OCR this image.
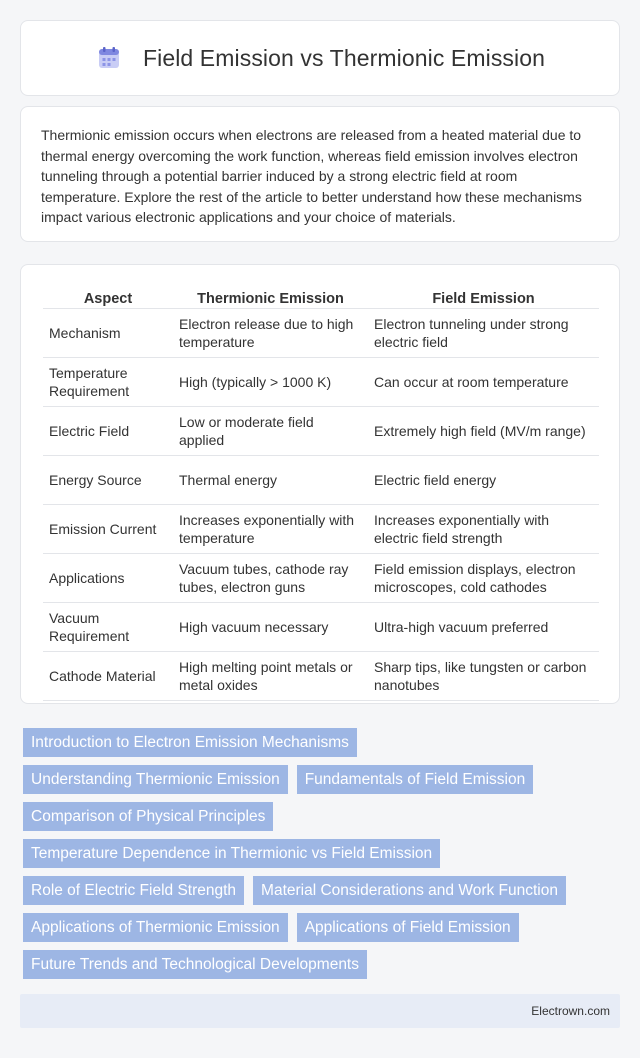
Field Emission vs Thermionic Emission

Thermionic emission occurs when electrons are released from a heated material due to thermal energy overcoming the work function, whereas field emission involves electron tunneling through a potential barrier induced by a strong electric field at room temperature. Explore the rest of the article to better understand how these mechanisms impact various electronic applications and your choice of materials.

Aspect	Thermionic Emission	Field Emission
Mechanism	Electron release due to high temperature	Electron tunneling under strong electric field
Temperature Requirement	High (typically > 1000 K)	Can occur at room temperature
Electric Field	Low or moderate field applied	Extremely high field (MV/m range)
Energy Source	Thermal energy	Electric field energy
Emission Current	Increases exponentially with temperature	Increases exponentially with electric field strength
Applications	Vacuum tubes, cathode ray tubes, electron guns	Field emission displays, electron microscopes, cold cathodes
Vacuum Requirement	High vacuum necessary	Ultra-high vacuum preferred
Cathode Material	High melting point metals or metal oxides	Sharp tips, like tungsten or carbon nanotubes
Introduction to Electron Emission Mechanisms
Understanding Thermionic Emission	Fundamentals of Field Emission
Comparison of Physical Principles
Temperature Dependence in Thermionic vs Field Emission
Role of Electric Field Strength	Material Considerations and Work Function
Applications of Thermionic Emission	Applications of Field Emission
Future Trends and Technological Developments
Electrown.com
